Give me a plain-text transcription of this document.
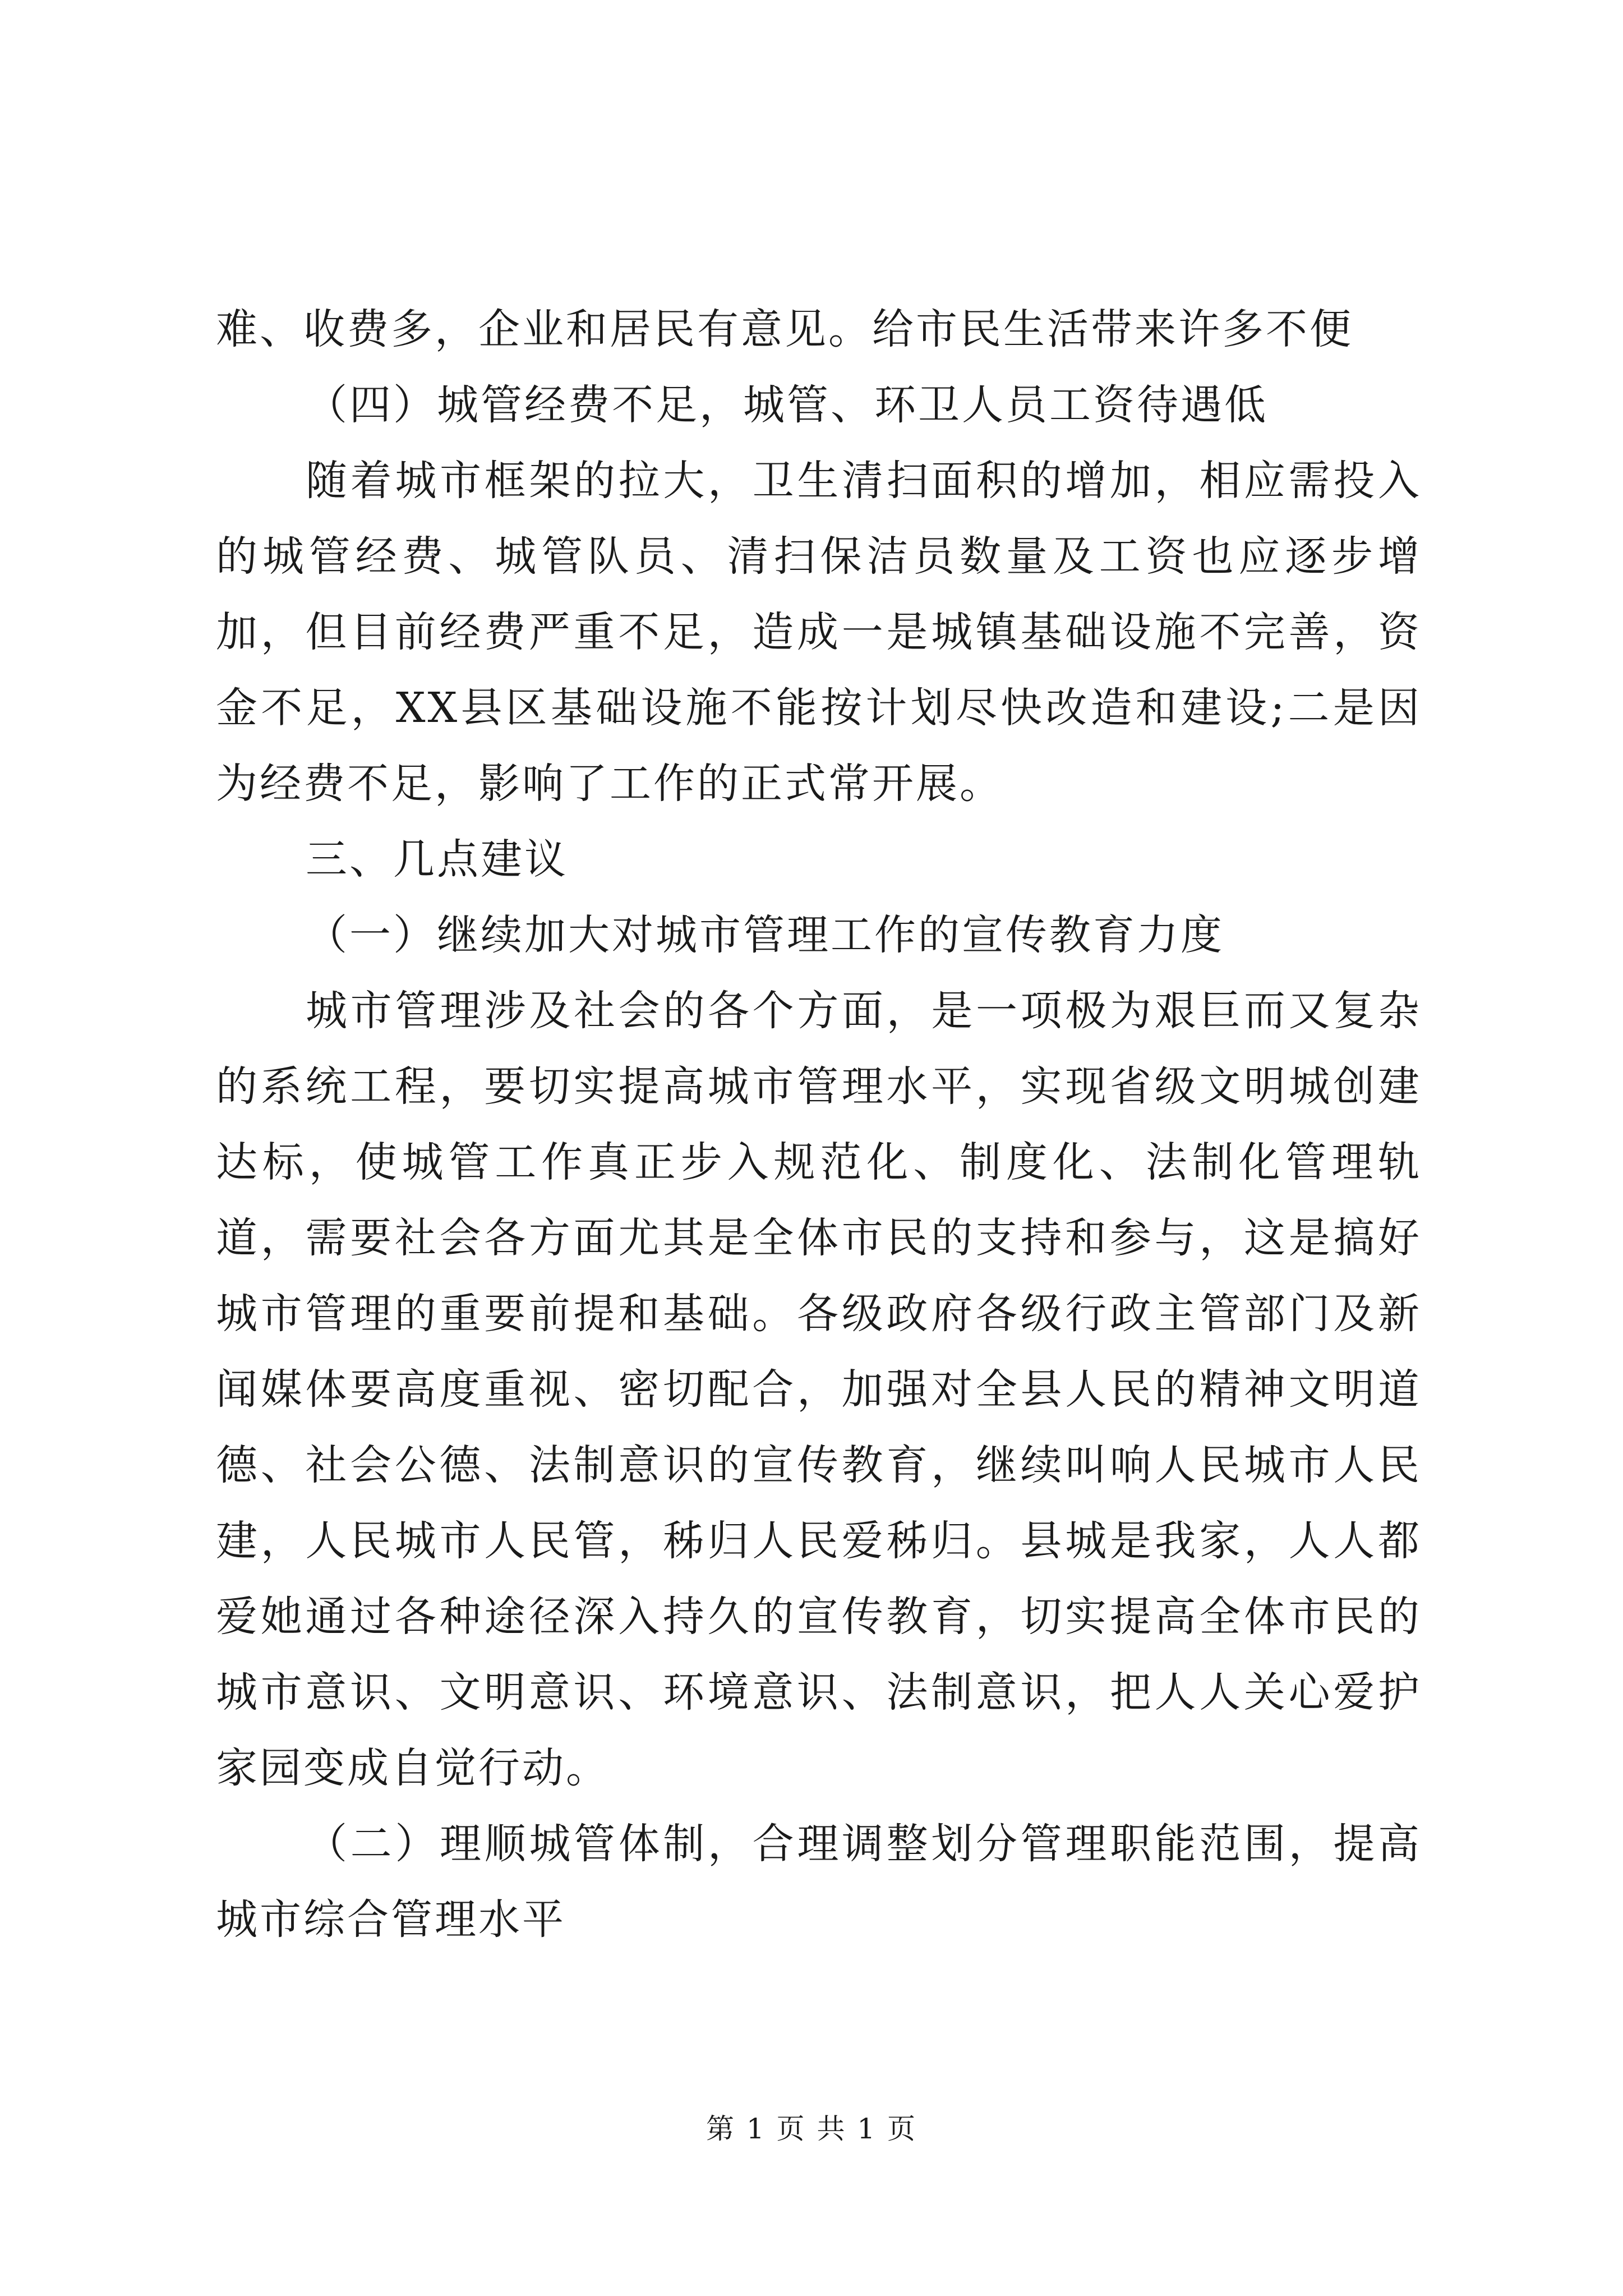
难、收费多，企业和居民有意见。给市民生活带来许多不便

（四）城管经费不足，城管、环卫人员工资待遇低

随着城市框架的拉大，卫生清扫面积的增加，相应需投入的城管经费、城管队员、清扫保洁员数量及工资也应逐步增加，但目前经费严重不足，造成一是城镇基础设施不完善，资金不足，XX县区基础设施不能按计划尽快改造和建设;二是因为经费不足，影响了工作的正式常开展。

三、几点建议

（一）继续加大对城市管理工作的宣传教育力度

城市管理涉及社会的各个方面，是一项极为艰巨而又复杂的系统工程，要切实提高城市管理水平，实现省级文明城创建达标，使城管工作真正步入规范化、制度化、法制化管理轨道，需要社会各方面尤其是全体市民的支持和参与，这是搞好城市管理的重要前提和基础。各级政府各级行政主管部门及新闻媒体要高度重视、密切配合，加强对全县人民的精神文明道德、社会公德、法制意识的宣传教育，继续叫响人民城市人民建，人民城市人民管，秭归人民爱秭归。县城是我家，人人都爱她通过各种途径深入持久的宣传教育，切实提高全体市民的城市意识、文明意识、环境意识、法制意识，把人人关心爱护家园变成自觉行动。

（二）理顺城管体制，合理调整划分管理职能范围，提高城市综合管理水平

第 1 页 共 1 页
